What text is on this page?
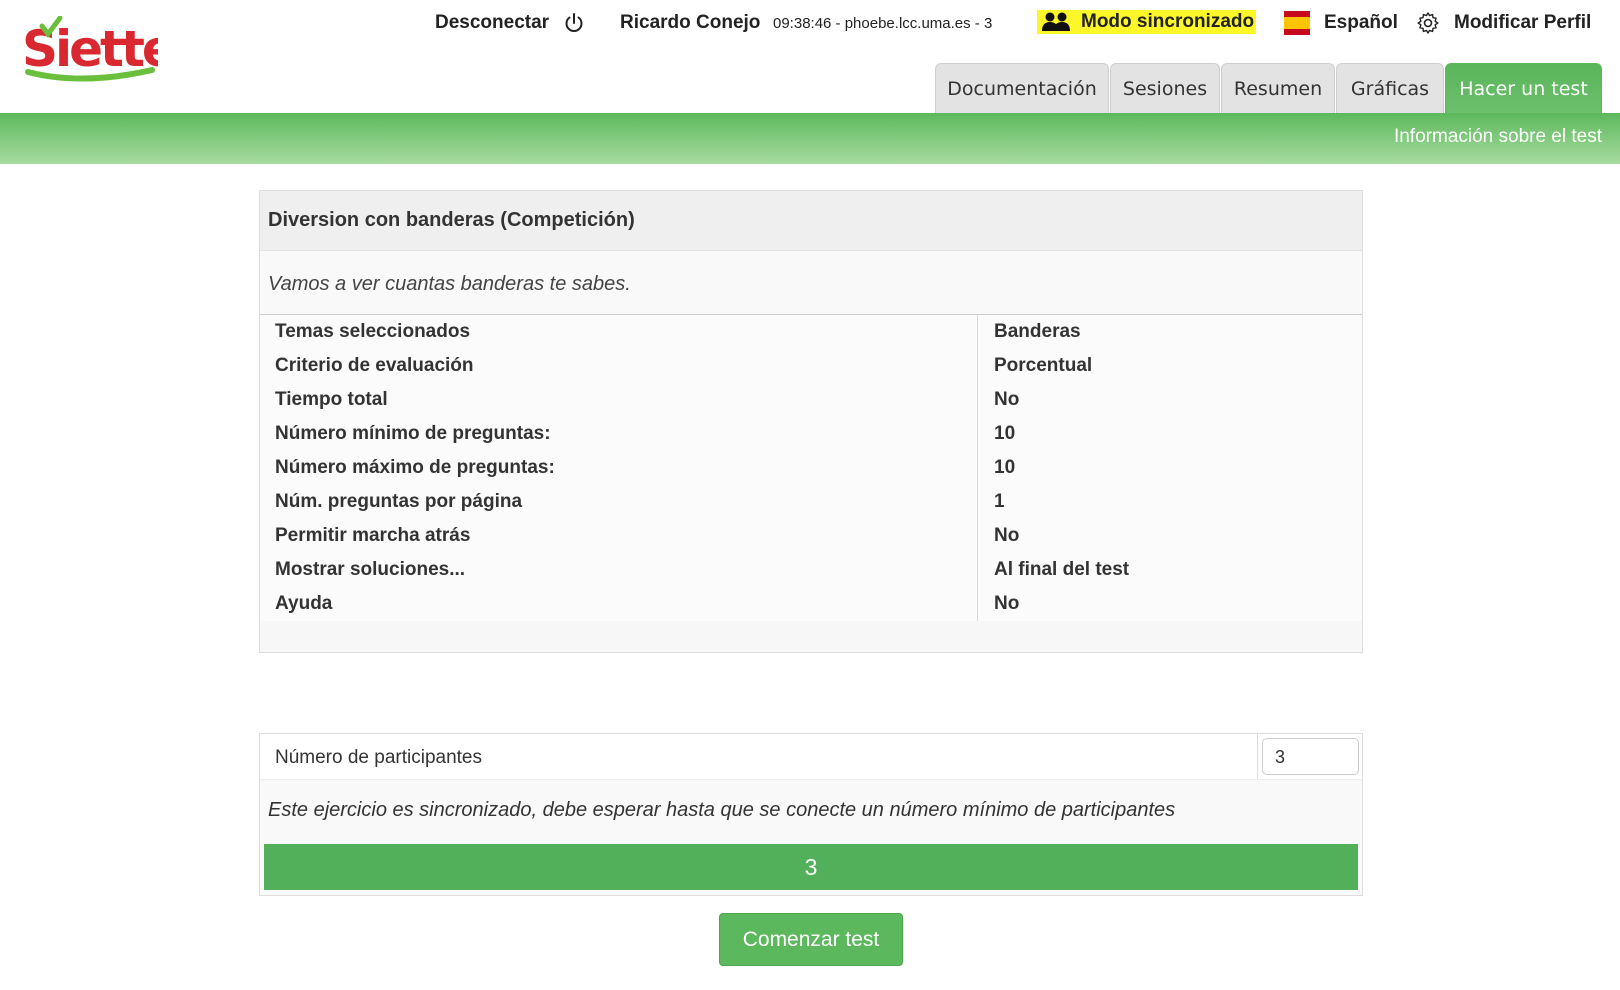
Siette	Desconectar	Ricardo Conejo 09:38:46 - phoebe.lcc.uma.es - 3	Modo sincronizado	Español	Modificar Perfil
Documentación	Sesiones	Resumen	Gráficas	Hacer un test
Información sobre el test
Diversion con banderas (Competición)
Vamos a ver cuantas banderas te sabes.
Temas seleccionados	Banderas
Criterio de evaluación	Porcentual
Tiempo total	No
Número mínimo de preguntas:	10
Número máximo de preguntas:	10
Núm. preguntas por página	1
Permitir marcha atrás	No
Mostrar soluciones...	Al final del test
Ayuda	No
Número de participantes	3
Este ejercicio es sincronizado, debe esperar hasta que se conecte un número mínimo de participantes
3
Comenzar test
